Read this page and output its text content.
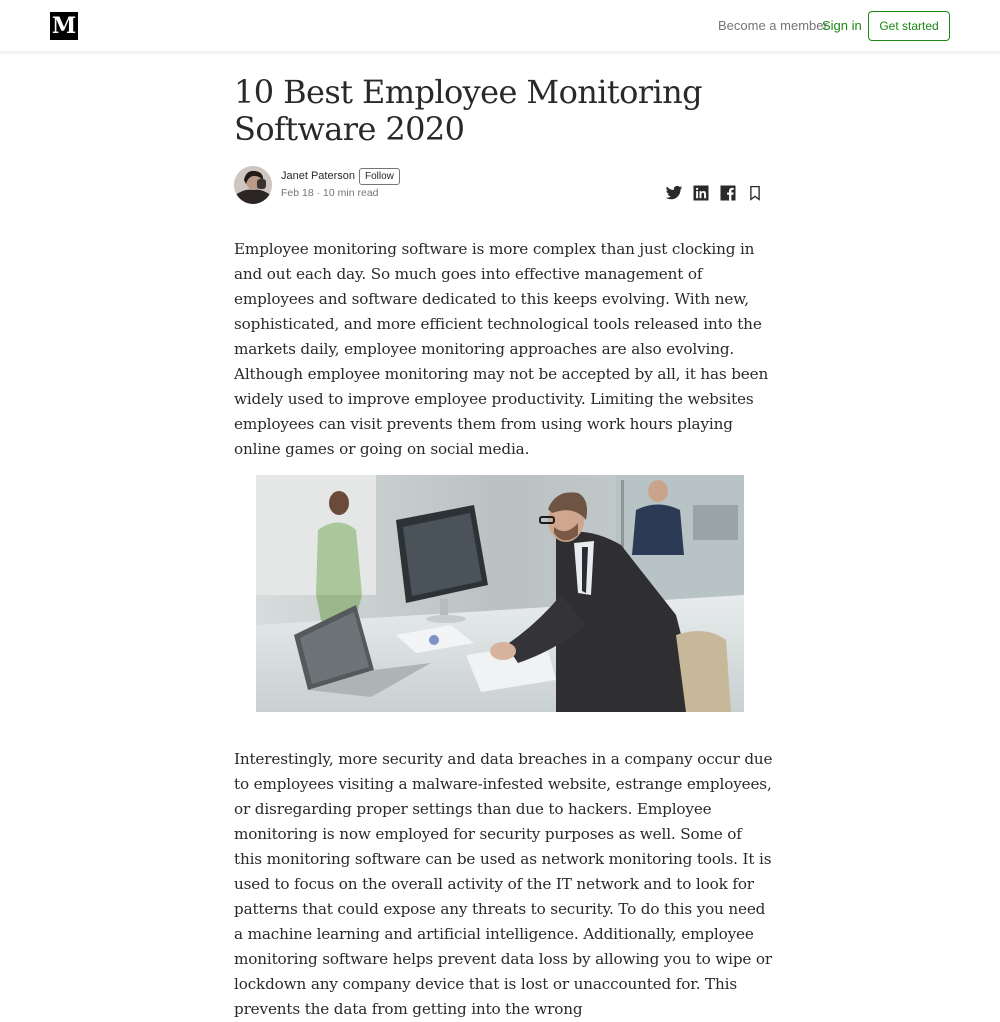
M	Become a member
Sign in	Get started
10 Best Employee Monitoring Software 2020
Janet Paterson	Follow
Feb 18 · 10 min read

Employee monitoring software is more complex than just clocking in and out each day. So much goes into effective management of employees and software dedicated to this keeps evolving. With new, sophisticated, and more efficient technological tools released into the markets daily, employee monitoring approaches are also evolving. Although employee monitoring may not be accepted by all, it has been widely used to improve employee productivity. Limiting the websites employees can visit prevents them from using work hours playing online games or going on social media.

Interestingly, more security and data breaches in a company occur due to employees visiting a malware-infested website, estrange employees, or disregarding proper settings than due to hackers. Employee monitoring is now employed for security purposes as well. Some of this monitoring software can be used as network monitoring tools. It is used to focus on the overall activity of the IT network and to look for patterns that could expose any threats to security. To do this you need a machine learning and artificial intelligence. Additionally, employee monitoring software helps prevent data loss by allowing you to wipe or lockdown any company device that is lost or unaccounted for. This prevents the data from getting into the wrong
